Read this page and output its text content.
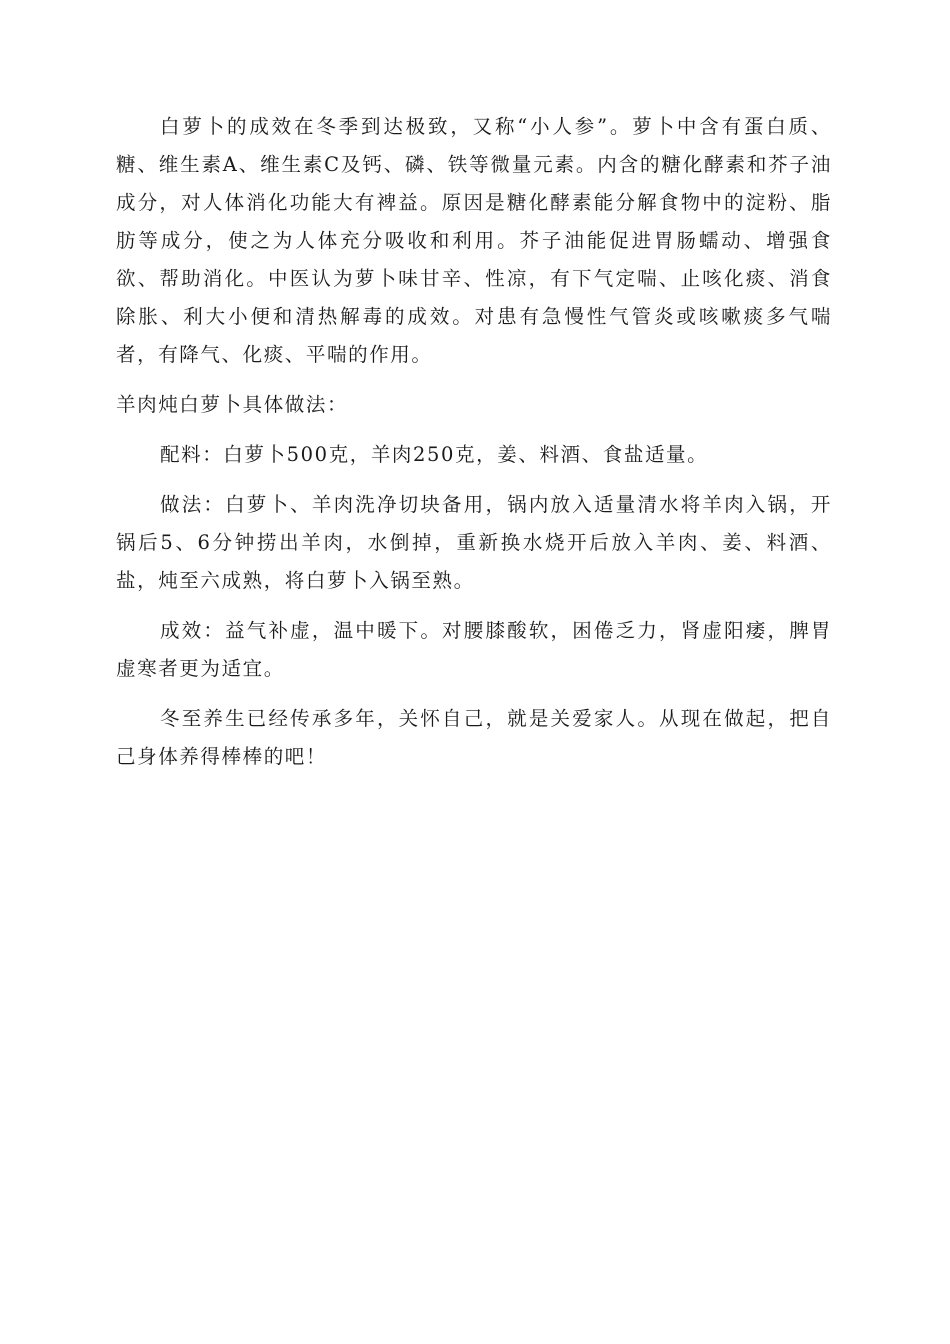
白萝卜的成效在冬季到达极致，又称“小人参”。萝卜中含有蛋白质、糖、维生素A、维生素C及钙、磷、铁等微量元素。内含的糖化酵素和芥子油成分，对人体消化功能大有裨益。原因是糖化酵素能分解食物中的淀粉、脂肪等成分，使之为人体充分吸收和利用。芥子油能促进胃肠蠕动、增强食欲、帮助消化。中医认为萝卜味甘辛、性凉，有下气定喘、止咳化痰、消食除胀、利大小便和清热解毒的成效。对患有急慢性气管炎或咳嗽痰多气喘者，有降气、化痰、平喘的作用。

羊肉炖白萝卜具体做法：

配料：白萝卜500克，羊肉250克，姜、料酒、食盐适量。

做法：白萝卜、羊肉洗净切块备用，锅内放入适量清水将羊肉入锅，开锅后5、6分钟捞出羊肉，水倒掉，重新换水烧开后放入羊肉、姜、料酒、盐，炖至六成熟，将白萝卜入锅至熟。

成效：益气补虚，温中暖下。对腰膝酸软，困倦乏力，肾虚阳痿，脾胃虚寒者更为适宜。

冬至养生已经传承多年，关怀自己，就是关爱家人。从现在做起，把自己身体养得棒棒的吧！
